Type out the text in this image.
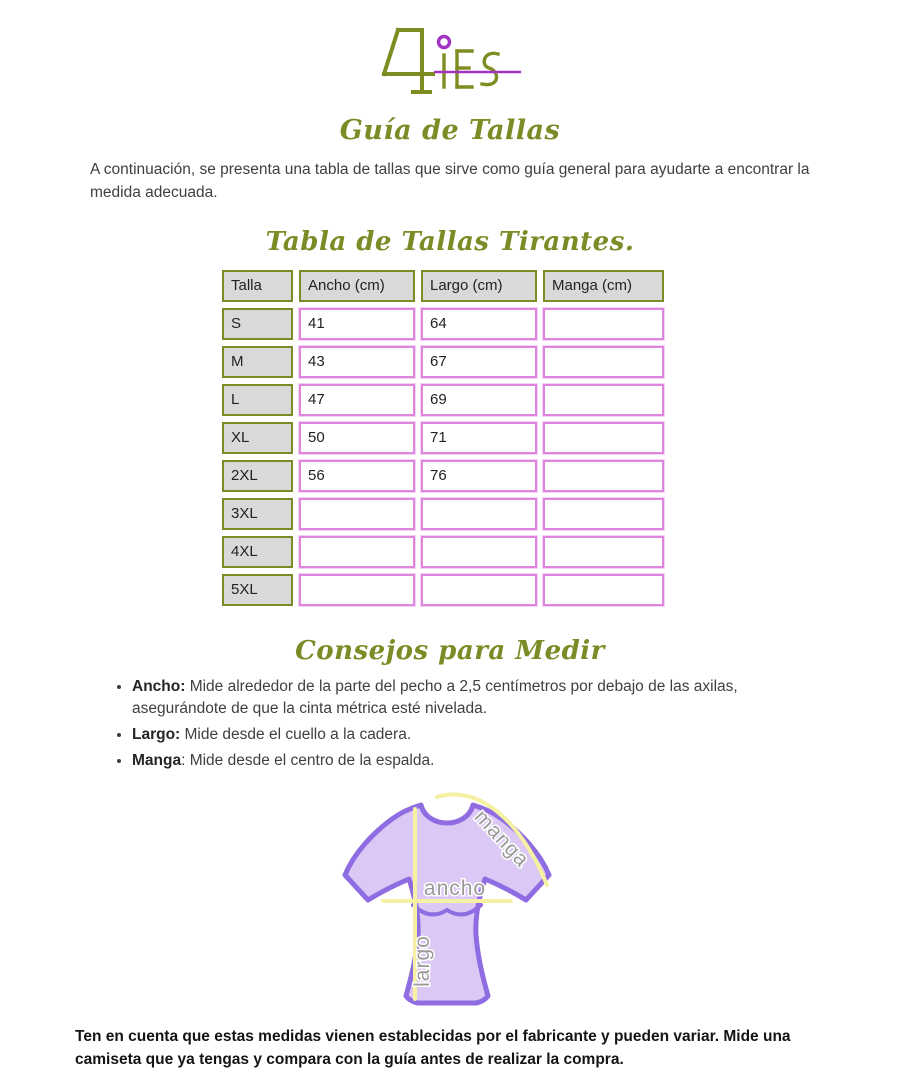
Guía de Tallas

A continuación, se presenta una tabla de tallas que sirve como guía general para ayudarte a encontrar la medida adecuada.

Tabla de Tallas Tirantes.
Talla	Ancho (cm)	Largo (cm)	Manga (cm)
S	41	64
M	43	67
L	47	69
XL	50	71
2XL	56	76
3XL
4XL
5XL
Consejos para Medir
• Ancho: Mide alrededor de la parte del pecho a 2,5 centímetros por debajo de las axilas, asegurándote de que la cinta métrica esté nivelada.
• Largo: Mide desde el cuello a la cadera.
• Manga: Mide desde el centro de la espalda.
ancho
largo
manga

Ten en cuenta que estas medidas vienen establecidas por el fabricante y pueden variar. Mide una camiseta que ya tengas y compara con la guía antes de realizar la compra.
